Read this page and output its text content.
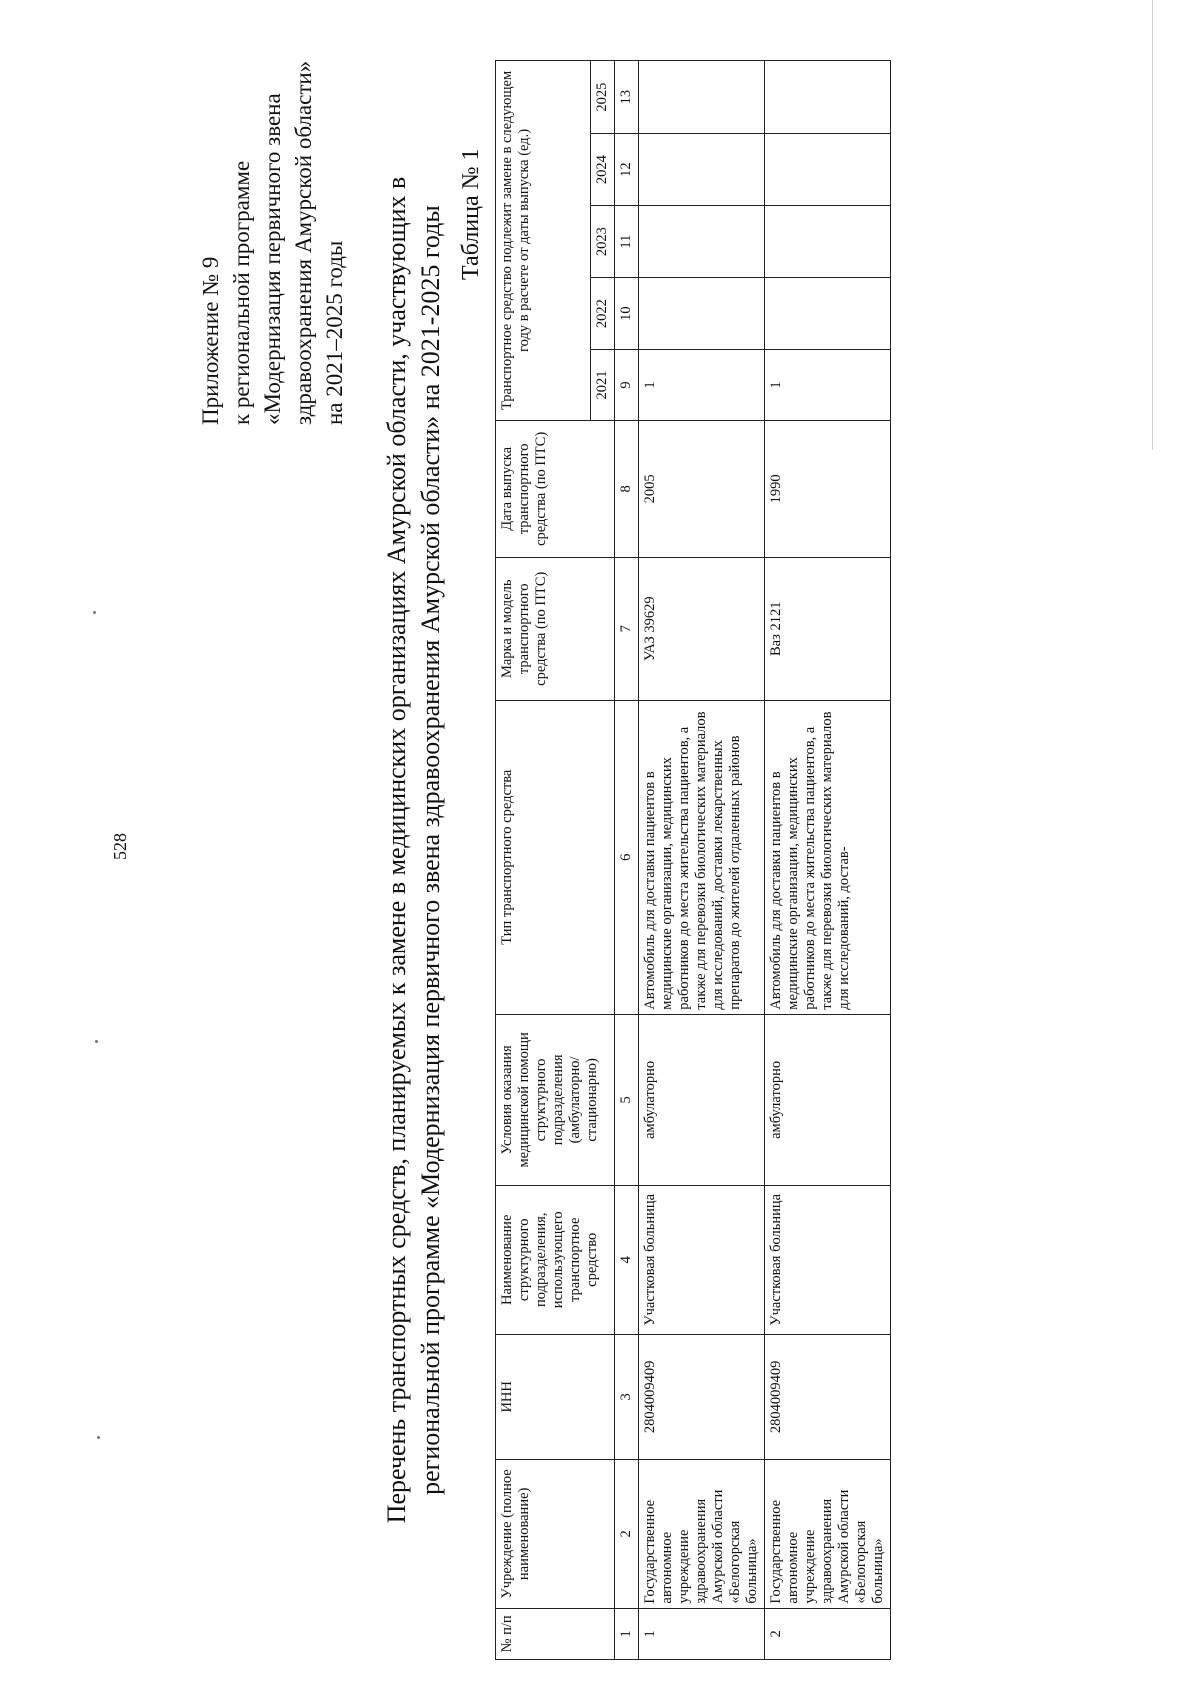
528
Приложение № 9 к региональной программе «Модернизация первичного звена здравоохранения Амурской области» на 2021–2025 годы Перечень транспортных средств, планируемых к замене в медицинских организациях Амурской области, участвующих в региональной программе «Модернизация первичного звена здравоохранения Амурской области» на 2021-2025 годы Таблица № 1
№ п/п	Учреждение (полное наименование)	ИНН	Наименование структурного подразделения, использующего транспортное средство	Условия оказания медицинской помощи структурного подразделения (амбулаторно/ стационарно)	Тип транспортного средства	Марка и модель транспортного средства (по ПТС)	Дата выпуска транспортного средства (по ПТС)	Транспортное средство подлежит замене в следующем году в расчете от даты выпуска (ед.)				
								2021	2022	2023	2024	2025
1	2	3	4	5	6	7	8	9	10	11	12	13
1	Государственное автономное учреждение здравоохранения Амурской области «Белогорская больница»	2804009409	Участковая больница	амбулаторно	Автомобиль для доставки пациентов в медицинские организации, медицинских работников до места жительства пациентов, а также для перевозки биологических материалов для исследований, доставки лекарственных препаратов до жителей отдаленных районов	УАЗ 39629	2005	1				
2	Государственное автономное учреждение здравоохранения Амурской области «Белогорская больница»	2804009409	Участковая больница	амбулаторно	Автомобиль для доставки пациентов в медицинские организации, медицинских работников до места жительства пациентов, а также для перевозки биологических материалов для исследований, достав-	Ваз 2121	1990	1				
